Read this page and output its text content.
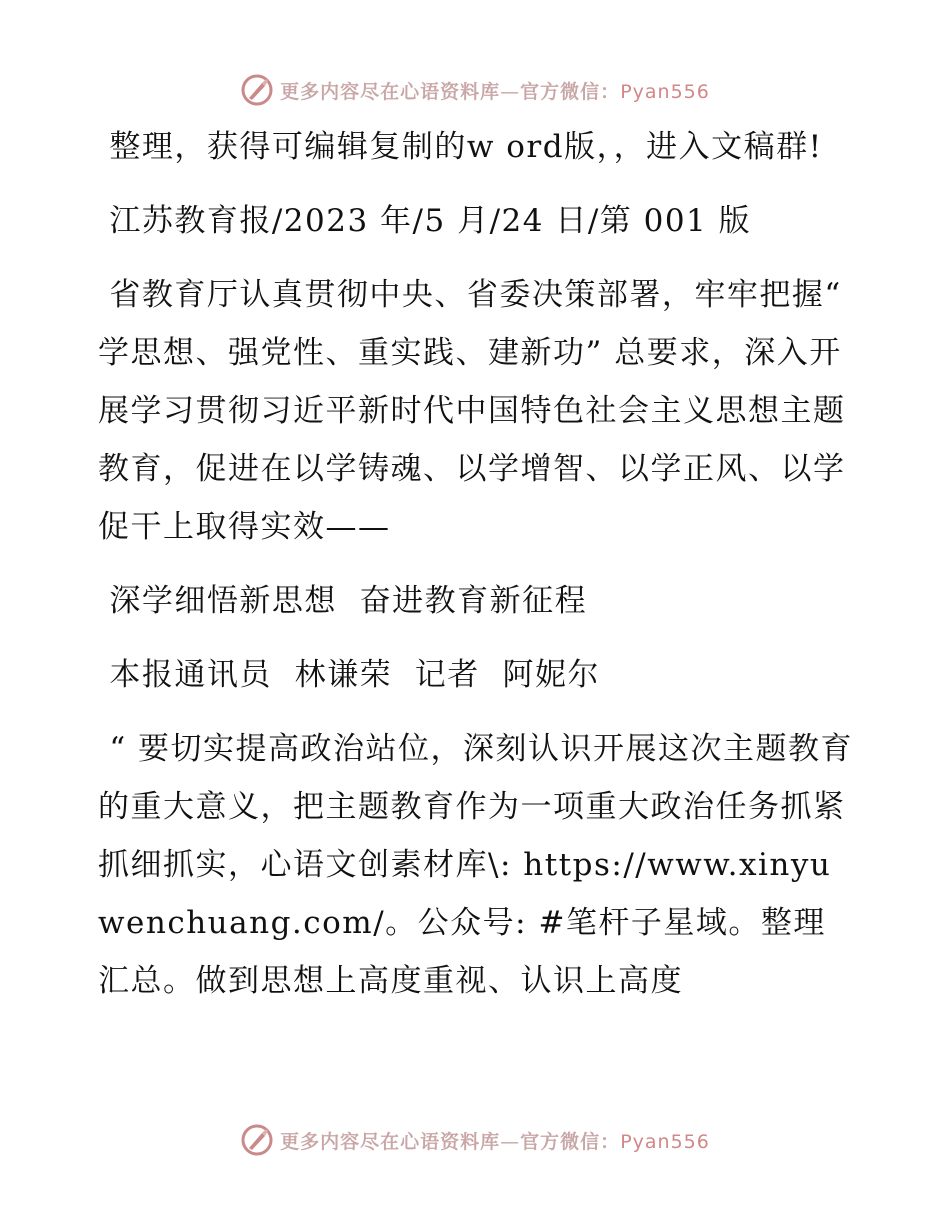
更多内容尽在心语资料库—官方微信：Pyan556

整理，获得可编辑复制的w ord版，，进入文稿群!

江苏教育报/2023 年/5 月/24 日/第 001 版

省教育厅认真贯彻中央、省委决策部署，牢牢把握“ 学思想、强党性、重实践、建新功” 总要求，深入开展学习贯彻习近平新时代中国特色社会主义思想主题教育，促进在以学铸魂、以学增智、以学正风、以学促干上取得实效——

深学细悟新思想  奋进教育新征程

本报通讯员  林谦荣  记者  阿妮尔

“ 要切实提高政治站位，深刻认识开展这次主题教育的重大意义，把主题教育作为一项重大政治任务抓紧抓细抓实，心语文创素材库\: https://www.xinyuwenchuang.com/。公众号: #笔杆子星域。整理汇总。做到思想上高度重视、认识上高度

更多内容尽在心语资料库—官方微信：Pyan556
